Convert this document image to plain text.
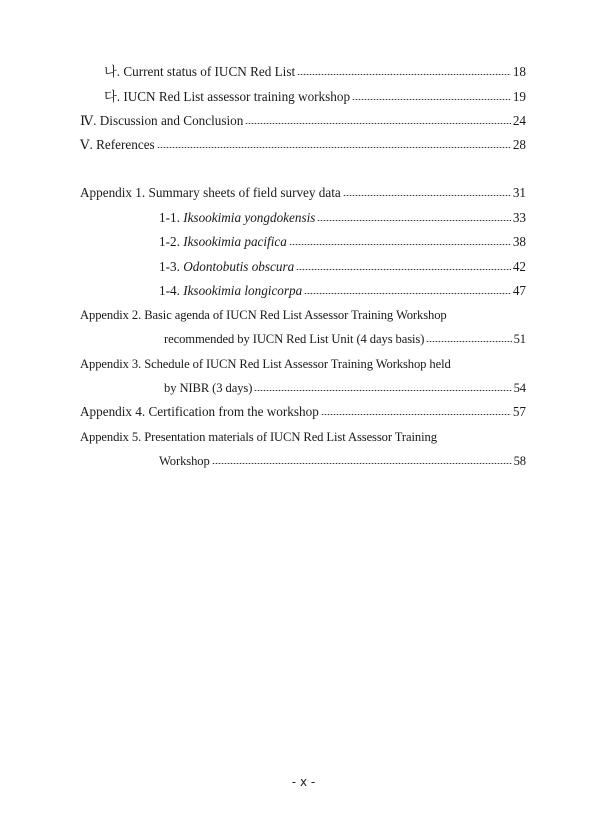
나. Current status of IUCN Red List	18
다. IUCN Red List assessor training workshop	19
Ⅳ. Discussion and Conclusion	24
Ⅴ. References	28
Appendix 1. Summary sheets of field survey data	31
1-1. Iksookimia yongdokensis	33
1-2. Iksookimia pacifica	38
1-3. Odontobutis obscura	42
1-4. Iksookimia longicorpa	47
Appendix 2. Basic agenda of IUCN Red List Assessor Training Workshop
recommended by IUCN Red List Unit (4 days basis)	51
Appendix 3. Schedule of IUCN Red List Assessor Training Workshop held
by NIBR (3 days)	54
Appendix 4. Certification from the workshop	57
Appendix 5. Presentation materials of IUCN Red List Assessor Training
Workshop	58
- x -
